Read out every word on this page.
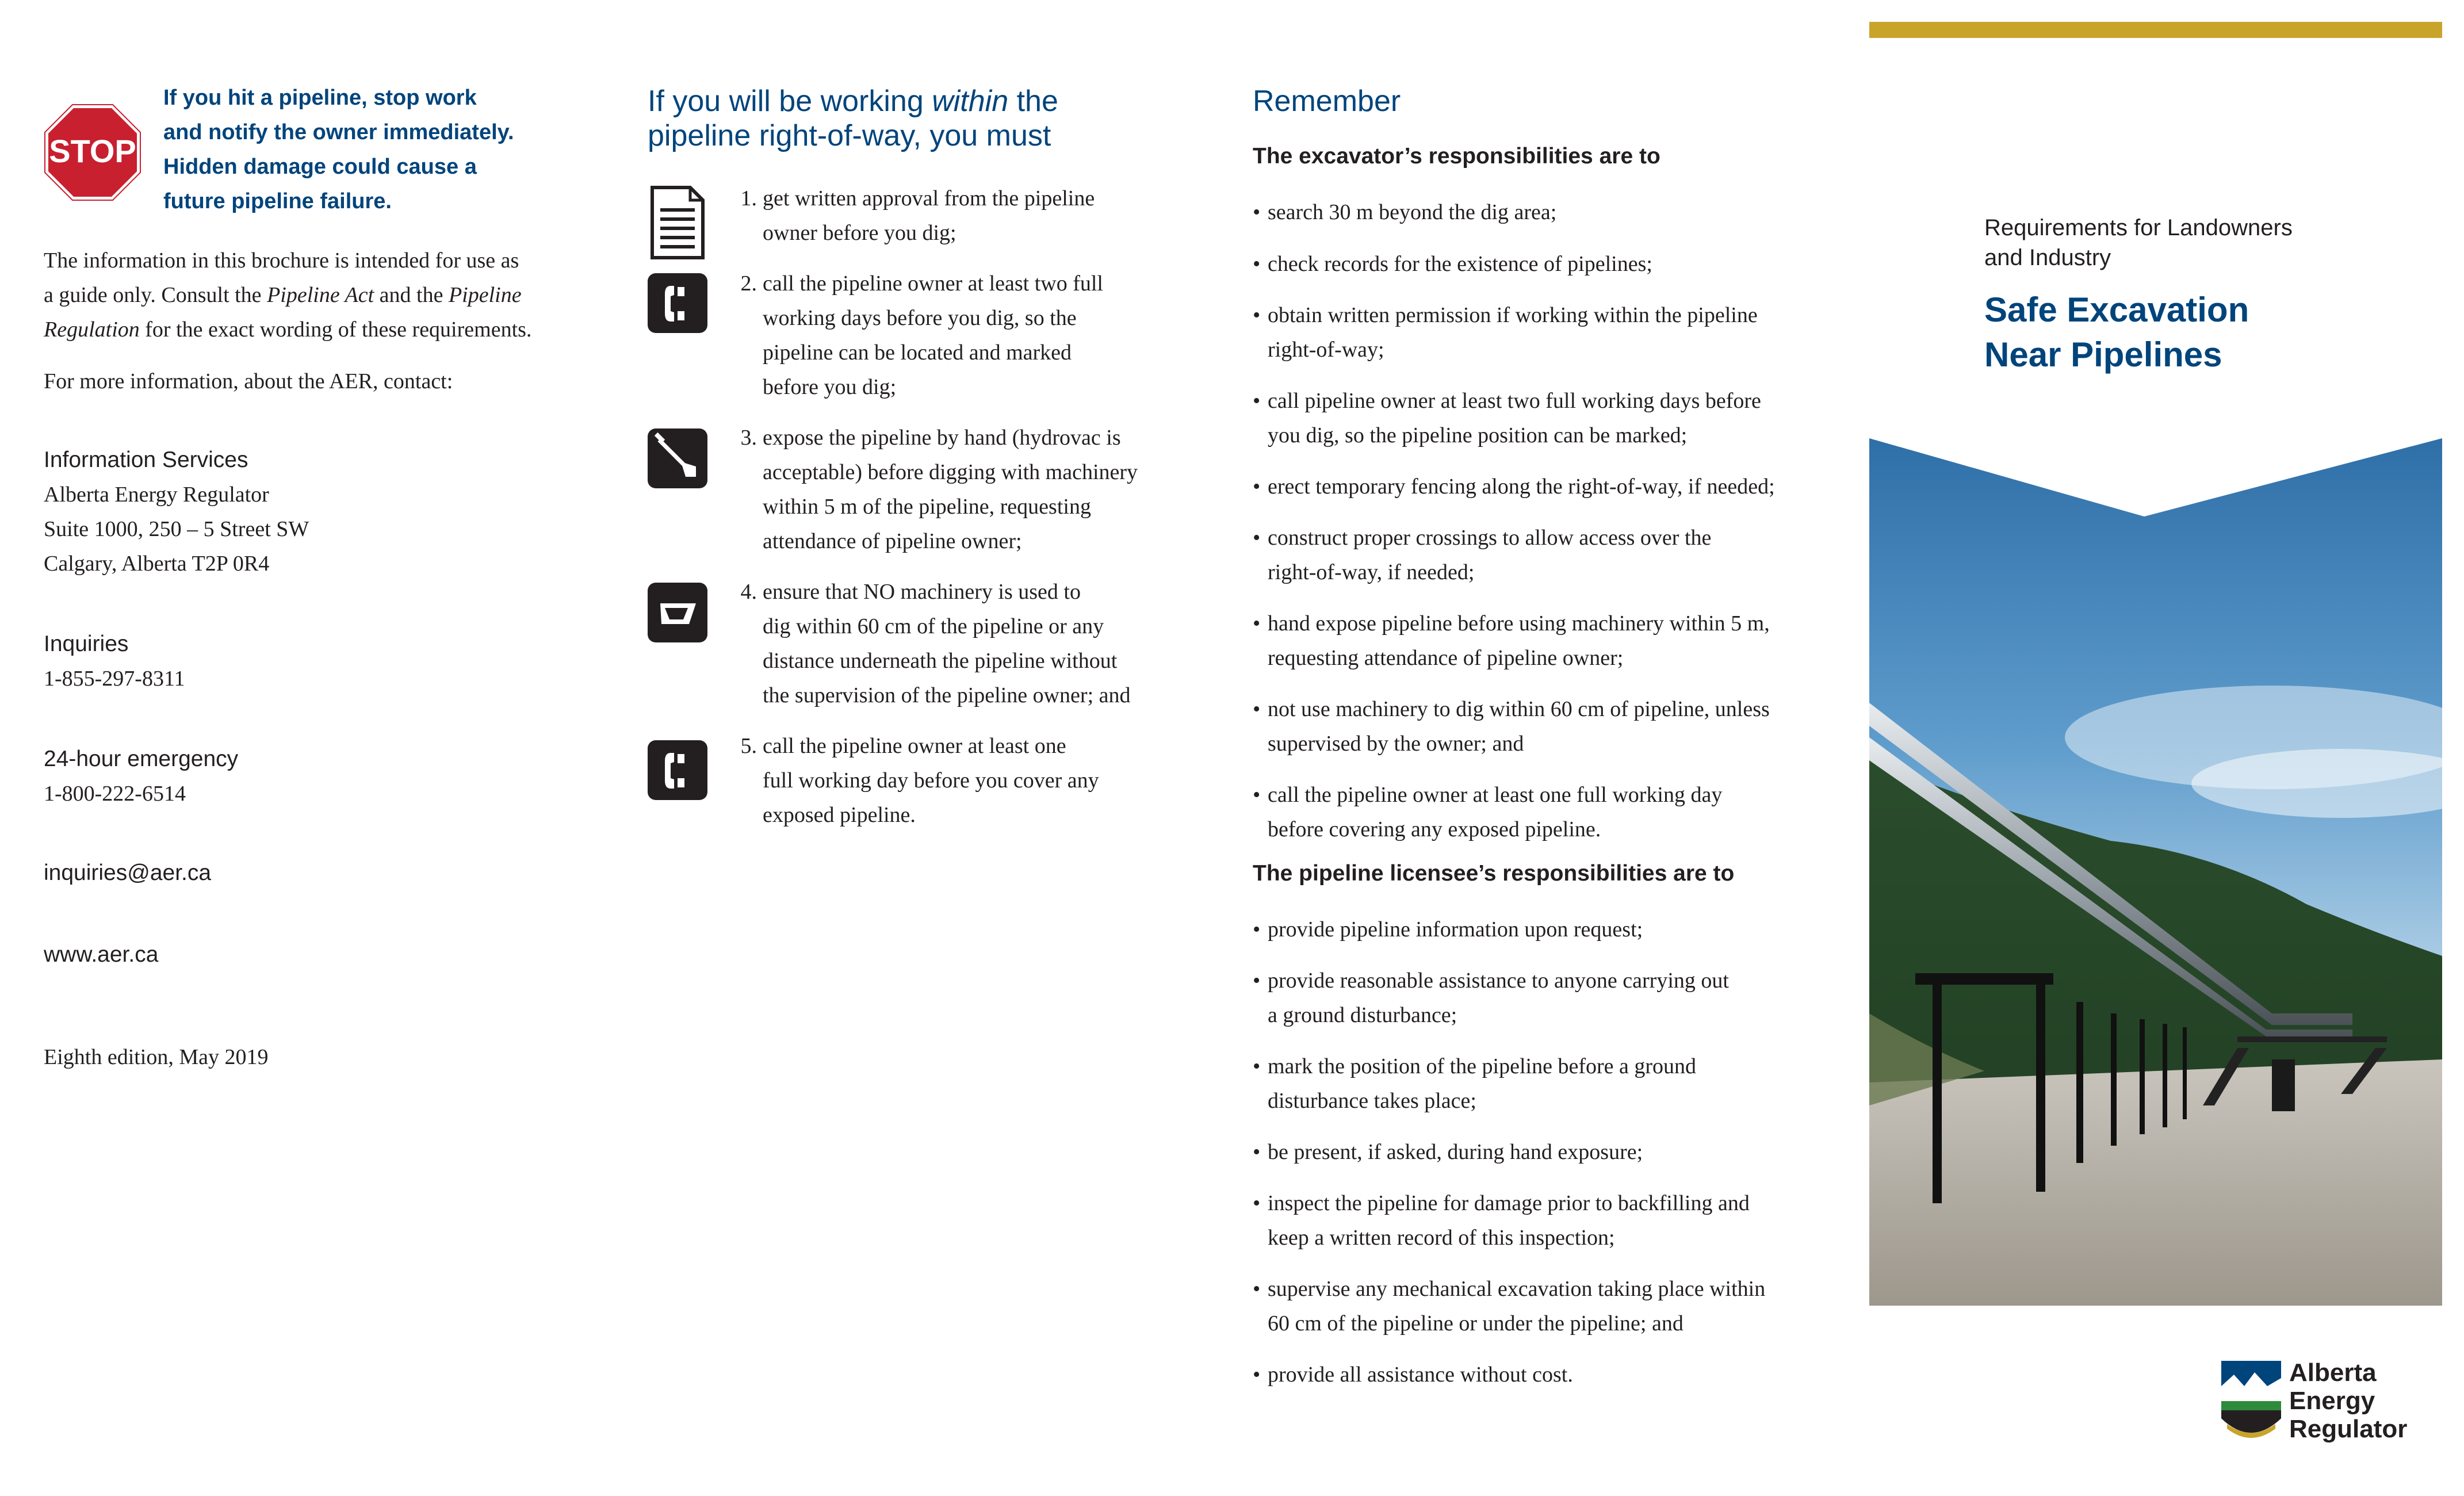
STOP
If you hit a pipeline, stop work
and notify the owner immediately.
Hidden damage could cause a
future pipeline failure.
The information in this brochure is intended for use as
a guide only. Consult the Pipeline Act and the Pipeline
Regulation for the exact wording of these requirements.
For more information, about the AER, contact:
Information Services
Alberta Energy Regulator
Suite 1000, 250 – 5 Street SW
Calgary, Alberta T2P 0R4
Inquiries
1-855-297-8311
24-hour emergency
1-800-222-6514
inquiries@aer.ca
www.aer.ca
Eighth edition, May 2019
If you will be working within the
pipeline right-of-way, you must
1. get written approval from the pipeline
owner before you dig;
2. call the pipeline owner at least two full
working days before you dig, so the
pipeline can be located and marked
before you dig;
3. expose the pipeline by hand (hydrovac is
acceptable) before digging with machinery
within 5 m of the pipeline, requesting
attendance of pipeline owner;
4. ensure that NO machinery is used to
dig within 60 cm of the pipeline or any
distance underneath the pipeline without
the supervision of the pipeline owner; and
5. call the pipeline owner at least one
full working day before you cover any
exposed pipeline.
Remember
The excavator’s responsibilities are to
• search 30 m beyond the dig area;
• check records for the existence of pipelines;
• obtain written permission if working within the pipeline
right-of-way;
• call pipeline owner at least two full working days before
you dig, so the pipeline position can be marked;
• erect temporary fencing along the right-of-way, if needed;
• construct proper crossings to allow access over the
right-of-way, if needed;
• hand expose pipeline before using machinery within 5 m,
requesting attendance of pipeline owner;
• not use machinery to dig within 60 cm of pipeline, unless
supervised by the owner; and
• call the pipeline owner at least one full working day
before covering any exposed pipeline.
The pipeline licensee’s responsibilities are to
• provide pipeline information upon request;
• provide reasonable assistance to anyone carrying out
a ground disturbance;
• mark the position of the pipeline before a ground
disturbance takes place;
• be present, if asked, during hand exposure;
• inspect the pipeline for damage prior to backfilling and
keep a written record of this inspection;
• supervise any mechanical excavation taking place within
60 cm of the pipeline or under the pipeline; and
• provide all assistance without cost.
Requirements for Landowners
and Industry
Safe Excavation
Near Pipelines
Alberta
Energy
Regulator
